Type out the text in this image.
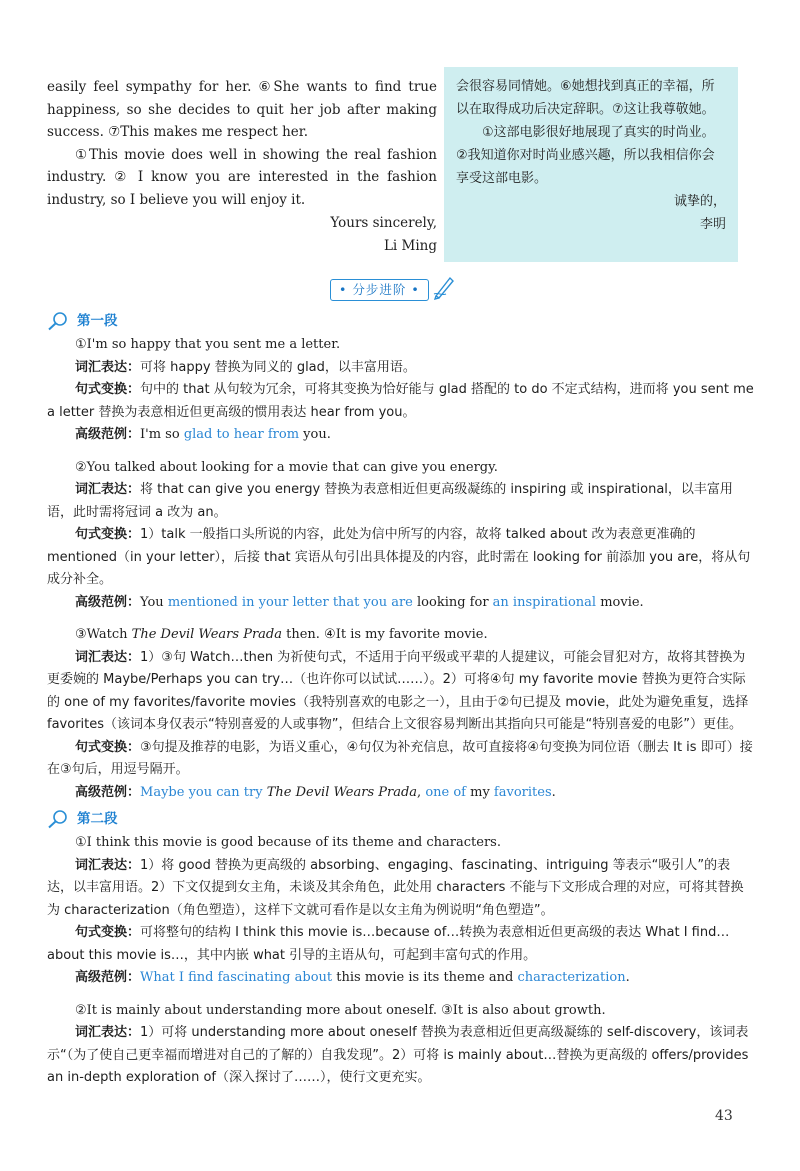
easily feel sympathy for her. ⑥She wants to find true happiness, so she decides to quit her job after making success. ⑦This makes me respect her.

①This movie does well in showing the real fashion industry. ② I know you are interested in the fashion industry, so I believe you will enjoy it.

Yours sincerely,
Li Ming

会很容易同情她。⑥她想找到真正的幸福，所以在取得成功后决定辞职。⑦这让我尊敬她。

①这部电影很好地展现了真实的时尚业。②我知道你对时尚业感兴趣，所以我相信你会享受这部电影。

诚挚的，

李明

• 分步进阶 •
第一段

①I'm so happy that you sent me a letter.

词汇表达：可将 happy 替换为同义的 glad，以丰富用语。

句式变换：句中的 that 从句较为冗余，可将其变换为恰好能与 glad 搭配的 to do 不定式结构，进而将 you sent me a letter 替换为表意相近但更高级的惯用表达 hear from you。

高级范例：I'm so glad to hear from you.

②You talked about looking for a movie that can give you energy.

词汇表达：将 that can give you energy 替换为表意相近但更高级凝练的 inspiring 或 inspirational，以丰富用语，此时需将冠词 a 改为 an。

句式变换：1）talk 一般指口头所说的内容，此处为信中所写的内容，故将 talked about 改为表意更准确的 mentioned（in your letter），后接 that 宾语从句引出具体提及的内容，此时需在 looking for 前添加 you are，将从句成分补全。

高级范例：You mentioned in your letter that you are looking for an inspirational movie.

③Watch The Devil Wears Prada then. ④It is my favorite movie.

词汇表达：1）③句 Watch…then 为祈使句式，不适用于向平级或平辈的人提建议，可能会冒犯对方，故将其替换为更委婉的 Maybe/Perhaps you can try…（也许你可以试试……）。2）可将④句 my favorite movie 替换为更符合实际的 one of my favorites/favorite movies（我特别喜欢的电影之一），且由于②句已提及 movie，此处为避免重复，选择 favorites（该词本身仅表示“特别喜爱的人或事物”，但结合上文很容易判断出其指向只可能是“特别喜爱的电影”）更佳。

句式变换：③句提及推荐的电影，为语义重心，④句仅为补充信息，故可直接将④句变换为同位语（删去 It is 即可）接在③句后，用逗号隔开。

高级范例：Maybe you can try The Devil Wears Prada, one of my favorites.

第二段

①I think this movie is good because of its theme and characters.

词汇表达：1）将 good 替换为更高级的 absorbing、engaging、fascinating、intriguing 等表示“吸引人”的表达，以丰富用语。2）下文仅提到女主角，未谈及其余角色，此处用 characters 不能与下文形成合理的对应，可将其替换为 characterization（角色塑造），这样下文就可看作是以女主角为例说明“角色塑造”。

句式变换：可将整句的结构 I think this movie is…because of…转换为表意相近但更高级的表达 What I find…about this movie is…，其中内嵌 what 引导的主语从句，可起到丰富句式的作用。

高级范例：What I find fascinating about this movie is its theme and characterization.

②It is mainly about understanding more about oneself. ③It is also about growth.

词汇表达：1）可将 understanding more about oneself 替换为表意相近但更高级凝练的 self-discovery，该词表示“（为了使自己更幸福而增进对自己的了解的）自我发现”。2）可将 is mainly about…替换为更高级的 offers/provides an in-depth exploration of（深入探讨了……），使行文更充实。

43
